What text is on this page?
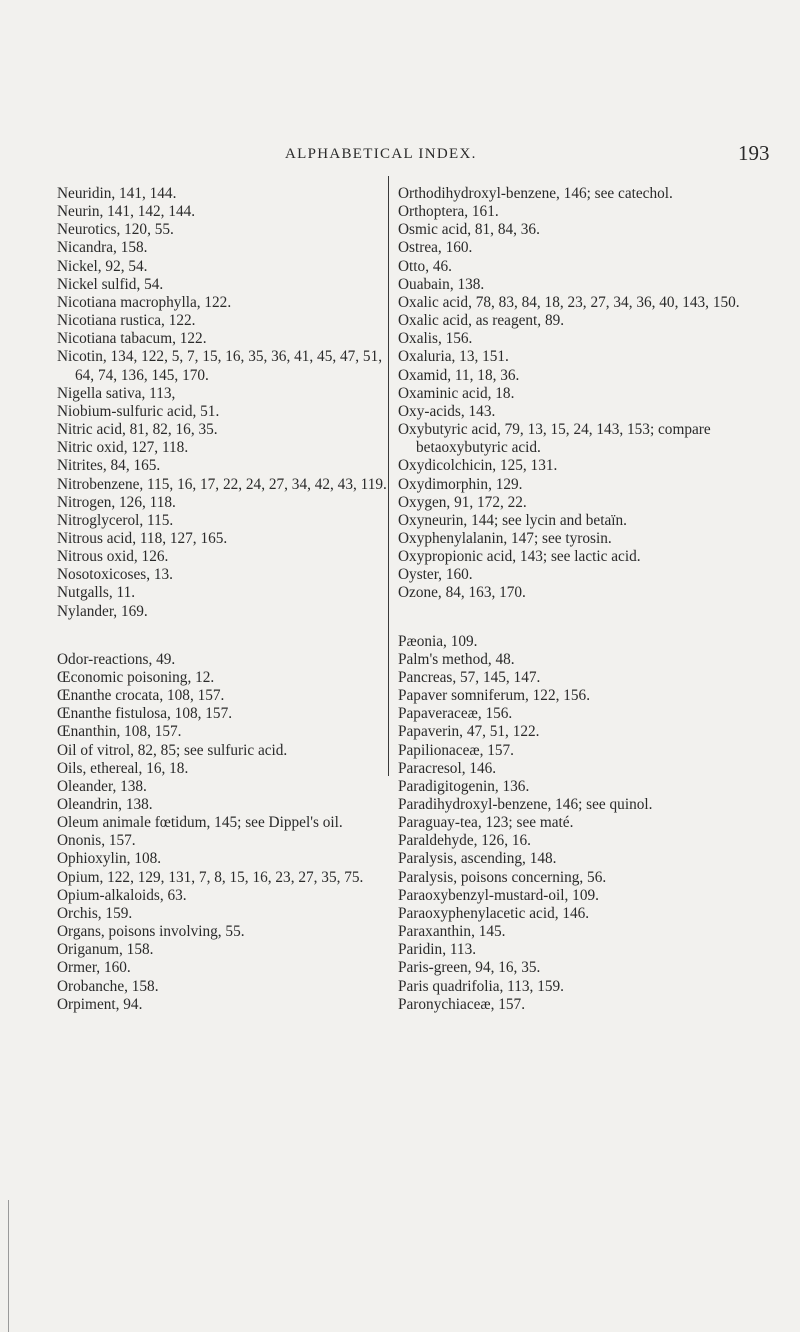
ALPHABETICAL INDEX.	193

Neuridin, 141, 144.

Neurin, 141, 142, 144.

Neurotics, 120, 55.

Nicandra, 158.

Nickel, 92, 54.

Nickel sulfid, 54.

Nicotiana macrophylla, 122.

Nicotiana rustica, 122.

Nicotiana tabacum, 122.

Nicotin, 134, 122, 5, 7, 15, 16, 35, 36, 41, 45, 47, 51, 64, 74, 136, 145, 170.

Nigella sativa, 113,

Niobium-sulfuric acid, 51.

Nitric acid, 81, 82, 16, 35.

Nitric oxid, 127, 118.

Nitrites, 84, 165.

Nitrobenzene, 115, 16, 17, 22, 24, 27, 34, 42, 43, 119.

Nitrogen, 126, 118.

Nitroglycerol, 115.

Nitrous acid, 118, 127, 165.

Nitrous oxid, 126.

Nosotoxicoses, 13.

Nutgalls, 11.

Nylander, 169.

Odor-reactions, 49.

Œconomic poisoning, 12.

Œnanthe crocata, 108, 157.

Œnanthe fistulosa, 108, 157.

Œnanthin, 108, 157.

Oil of vitrol, 82, 85; see sulfuric acid.

Oils, ethereal, 16, 18.

Oleander, 138.

Oleandrin, 138.

Oleum animale fœtidum, 145; see Dippel's oil.

Ononis, 157.

Ophioxylin, 108.

Opium, 122, 129, 131, 7, 8, 15, 16, 23, 27, 35, 75.

Opium-alkaloids, 63.

Orchis, 159.

Organs, poisons involving, 55.

Origanum, 158.

Ormer, 160.

Orobanche, 158.

Orpiment, 94.

Orthodihydroxyl-benzene, 146; see catechol.

Orthoptera, 161.

Osmic acid, 81, 84, 36.

Ostrea, 160.

Otto, 46.

Ouabain, 138.

Oxalic acid, 78, 83, 84, 18, 23, 27, 34, 36, 40, 143, 150.

Oxalic acid, as reagent, 89.

Oxalis, 156.

Oxaluria, 13, 151.

Oxamid, 11, 18, 36.

Oxaminic acid, 18.

Oxy-acids, 143.

Oxybutyric acid, 79, 13, 15, 24, 143, 153; compare betaoxybutyric acid.

Oxydicolchicin, 125, 131.

Oxydimorphin, 129.

Oxygen, 91, 172, 22.

Oxyneurin, 144; see lycin and betaïn.

Oxyphenylalanin, 147; see tyrosin.

Oxypropionic acid, 143; see lactic acid.

Oyster, 160.

Ozone, 84, 163, 170.

Pæonia, 109.

Palm's method, 48.

Pancreas, 57, 145, 147.

Papaver somniferum, 122, 156.

Papaveraceæ, 156.

Papaverin, 47, 51, 122.

Papilionaceæ, 157.

Paracresol, 146.

Paradigitogenin, 136.

Paradihydroxyl-benzene, 146; see quinol.

Paraguay-tea, 123; see maté.

Paraldehyde, 126, 16.

Paralysis, ascending, 148.

Paralysis, poisons concerning, 56.

Paraoxybenzyl-mustard-oil, 109.

Paraoxyphenylacetic acid, 146.

Paraxanthin, 145.

Paridin, 113.

Paris-green, 94, 16, 35.

Paris quadrifolia, 113, 159.

Paronychiaceæ, 157.
